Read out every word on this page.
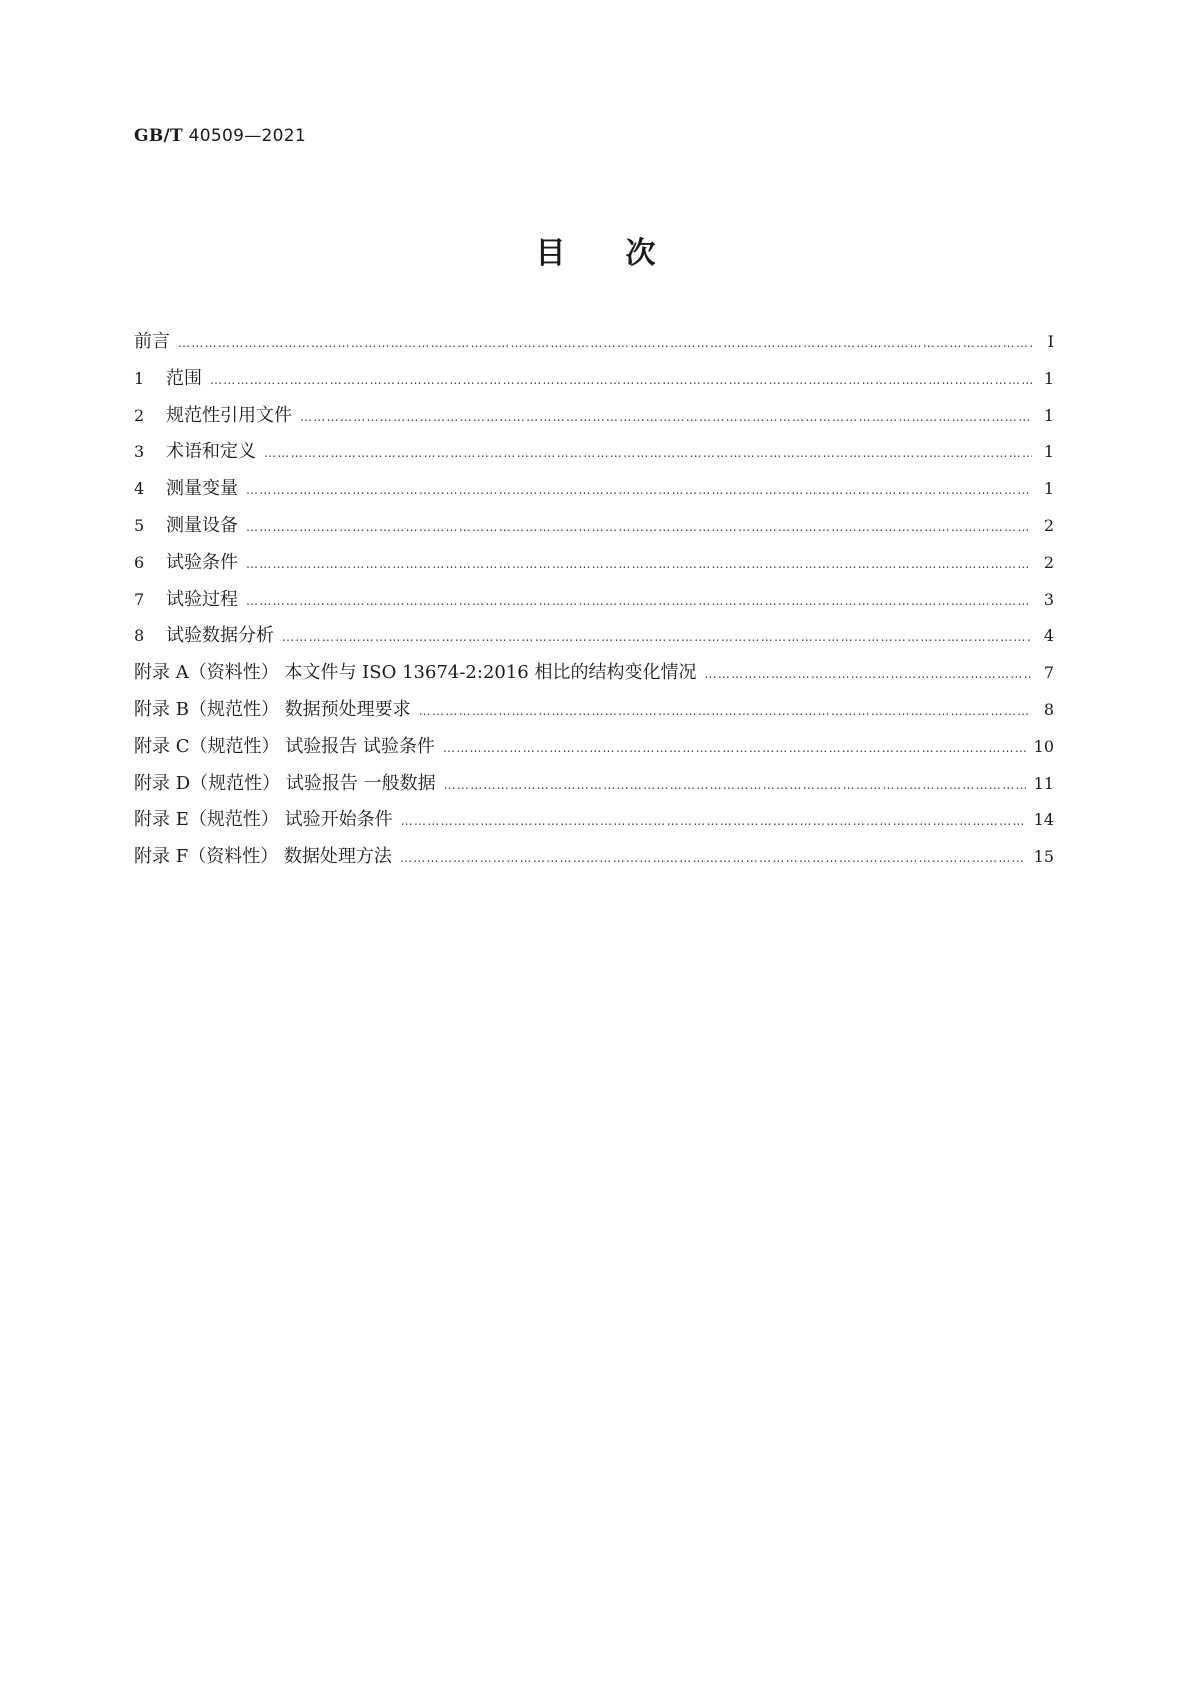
GB/T 40509—2021
目次
前言 ……………………………………………………………………………………………………………………………………………………………………………………………………………………………………	Ⅰ
1 范围 ……………………………………………………………………………………………………………………………………………………………………………………………………………………………………	1
2 规范性引用文件 ……………………………………………………………………………………………………………………………………………………………………………………………………………………………………	1
3 术语和定义 ……………………………………………………………………………………………………………………………………………………………………………………………………………………………………	1
4 测量变量 ……………………………………………………………………………………………………………………………………………………………………………………………………………………………………	1
5 测量设备 ……………………………………………………………………………………………………………………………………………………………………………………………………………………………………	2
6 试验条件 ……………………………………………………………………………………………………………………………………………………………………………………………………………………………………	2
7 试验过程 ……………………………………………………………………………………………………………………………………………………………………………………………………………………………………	3
8 试验数据分析 ……………………………………………………………………………………………………………………………………………………………………………………………………………………………………	4
附录 A（资料性） 本文件与 ISO 13674-2:2016 相比的结构变化情况 ……………………………………………………………………………………………………………………………………………………………………………………………………………………………………	7
附录 B（规范性） 数据预处理要求 ……………………………………………………………………………………………………………………………………………………………………………………………………………………………………	8
附录 C（规范性） 试验报告 试验条件 ……………………………………………………………………………………………………………………………………………………………………………………………………………………………………	10
附录 D（规范性） 试验报告 一般数据 ……………………………………………………………………………………………………………………………………………………………………………………………………………………………………	11
附录 E（规范性） 试验开始条件 ……………………………………………………………………………………………………………………………………………………………………………………………………………………………………	14
附录 F（资料性） 数据处理方法 ……………………………………………………………………………………………………………………………………………………………………………………………………………………………………	15
